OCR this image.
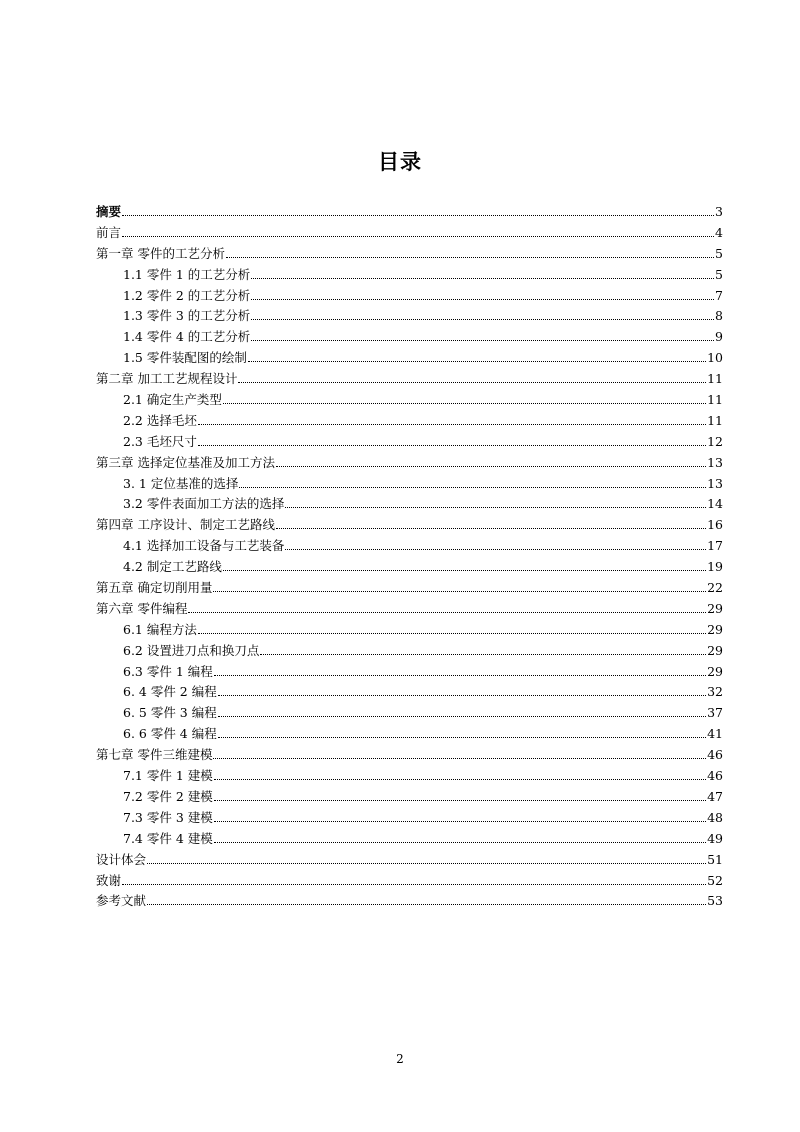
目录
摘要	3
前言	4
第一章 零件的工艺分析	5
1.1 零件 1 的工艺分析	5
1.2 零件 2 的工艺分析	7
1.3 零件 3 的工艺分析	8
1.4 零件 4 的工艺分析	9
1.5 零件装配图的绘制	10
第二章 加工工艺规程设计	11
2.1 确定生产类型	11
2.2 选择毛坯	11
2.3 毛坯尺寸	12
第三章 选择定位基准及加工方法	13
3. 1 定位基准的选择	13
3.2 零件表面加工方法的选择	14
第四章 工序设计、制定工艺路线	16
4.1 选择加工设备与工艺装备	17
4.2 制定工艺路线	19
第五章 确定切削用量	22
第六章 零件编程	29
6.1 编程方法	29
6.2 设置进刀点和换刀点	29
6.3 零件 1 编程	29
6. 4 零件 2 编程	32
6. 5 零件 3 编程	37
6. 6 零件 4 编程	41
第七章 零件三维建模	46
7.1 零件 1 建模	46
7.2 零件 2 建模	47
7.3 零件 3 建模	48
7.4 零件 4 建模	49
设计体会	51
致谢	52
参考文献	53
2
